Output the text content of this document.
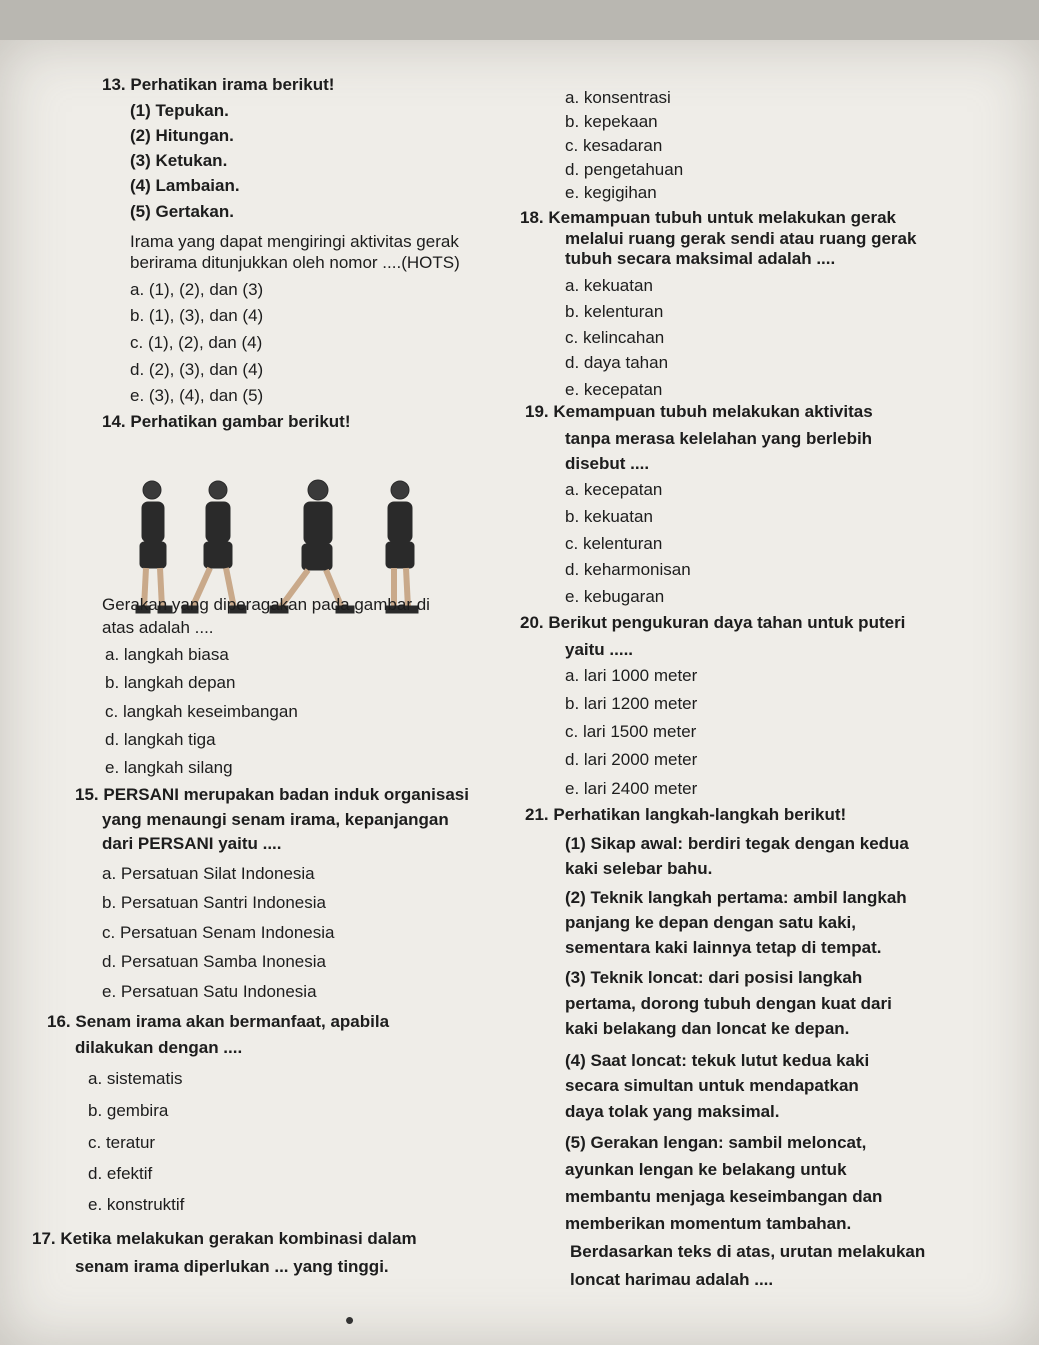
13. Perhatikan irama berikut!
(1) Tepukan.
(2) Hitungan.
(3) Ketukan.
(4) Lambaian.
(5) Gertakan.
Irama yang dapat mengiringi aktivitas gerak
berirama ditunjukkan oleh nomor ....(HOTS)
a. (1), (2), dan (3)
b. (1), (3), dan (4)
c. (1), (2), dan (4)
d. (2), (3), dan (4)
e. (3), (4), dan (5)
14. Perhatikan gambar berikut!
Gerakan yang diperagakan pada gambar di
atas adalah ....
a. langkah biasa
b. langkah depan
c. langkah keseimbangan
d. langkah tiga
e. langkah silang
15. PERSANI merupakan badan induk organisasi
yang menaungi senam irama, kepanjangan
dari PERSANI yaitu ....
a. Persatuan Silat Indonesia
b. Persatuan Santri Indonesia
c. Persatuan Senam Indonesia
d. Persatuan Samba Inonesia
e. Persatuan Satu Indonesia
16. Senam irama akan bermanfaat, apabila
dilakukan dengan ....
a. sistematis
b. gembira
c. teratur
d. efektif
e. konstruktif
17. Ketika melakukan gerakan kombinasi dalam
senam irama diperlukan ... yang tinggi.
a. konsentrasi
b. kepekaan
c. kesadaran
d. pengetahuan
e. kegigihan
18. Kemampuan tubuh untuk melakukan gerak
melalui ruang gerak sendi atau ruang gerak
tubuh secara maksimal adalah ....
a. kekuatan
b. kelenturan
c. kelincahan
d. daya tahan
e. kecepatan
19. Kemampuan tubuh melakukan aktivitas
tanpa merasa kelelahan yang berlebih
disebut ....
a. kecepatan
b. kekuatan
c. kelenturan
d. keharmonisan
e. kebugaran
20. Berikut pengukuran daya tahan untuk puteri
yaitu .....
a. lari 1000 meter
b. lari 1200 meter
c. lari 1500 meter
d. lari 2000 meter
e. lari 2400 meter
21. Perhatikan langkah-langkah berikut!
(1) Sikap awal: berdiri tegak dengan kedua
kaki selebar bahu.
(2) Teknik langkah pertama: ambil langkah
panjang ke depan dengan satu kaki,
sementara kaki lainnya tetap di tempat.
(3) Teknik loncat: dari posisi langkah
pertama, dorong tubuh dengan kuat dari
kaki belakang dan loncat ke depan.
(4) Saat loncat: tekuk lutut kedua kaki
secara simultan untuk mendapatkan
daya tolak yang maksimal.
(5) Gerakan lengan: sambil meloncat,
ayunkan lengan ke belakang untuk
membantu menjaga keseimbangan dan
memberikan momentum tambahan.
Berdasarkan teks di atas, urutan melakukan
loncat harimau adalah ....
•
